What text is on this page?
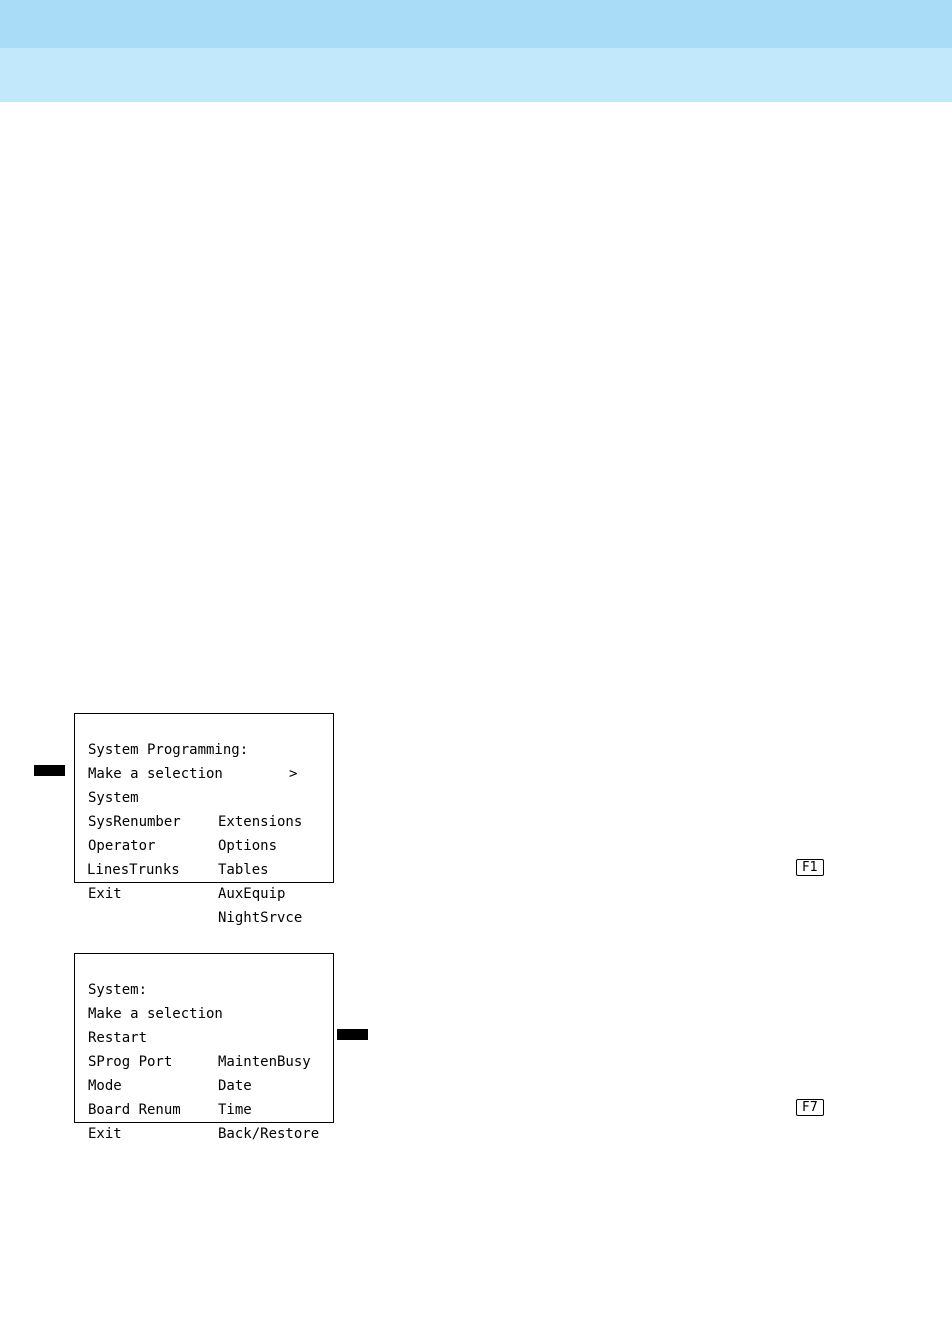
System Programming:

>

Make a selection

System

Extensions

SysRenumber

Options

Operator

Tables

LinesTrunks

AuxEquip

Exit

NightSrvce

F1

System:

Make a selection

Restart

MaintenBusy

SProg Port

Date

Mode

Time

Board Renum

Back/Restore

Exit

F7
